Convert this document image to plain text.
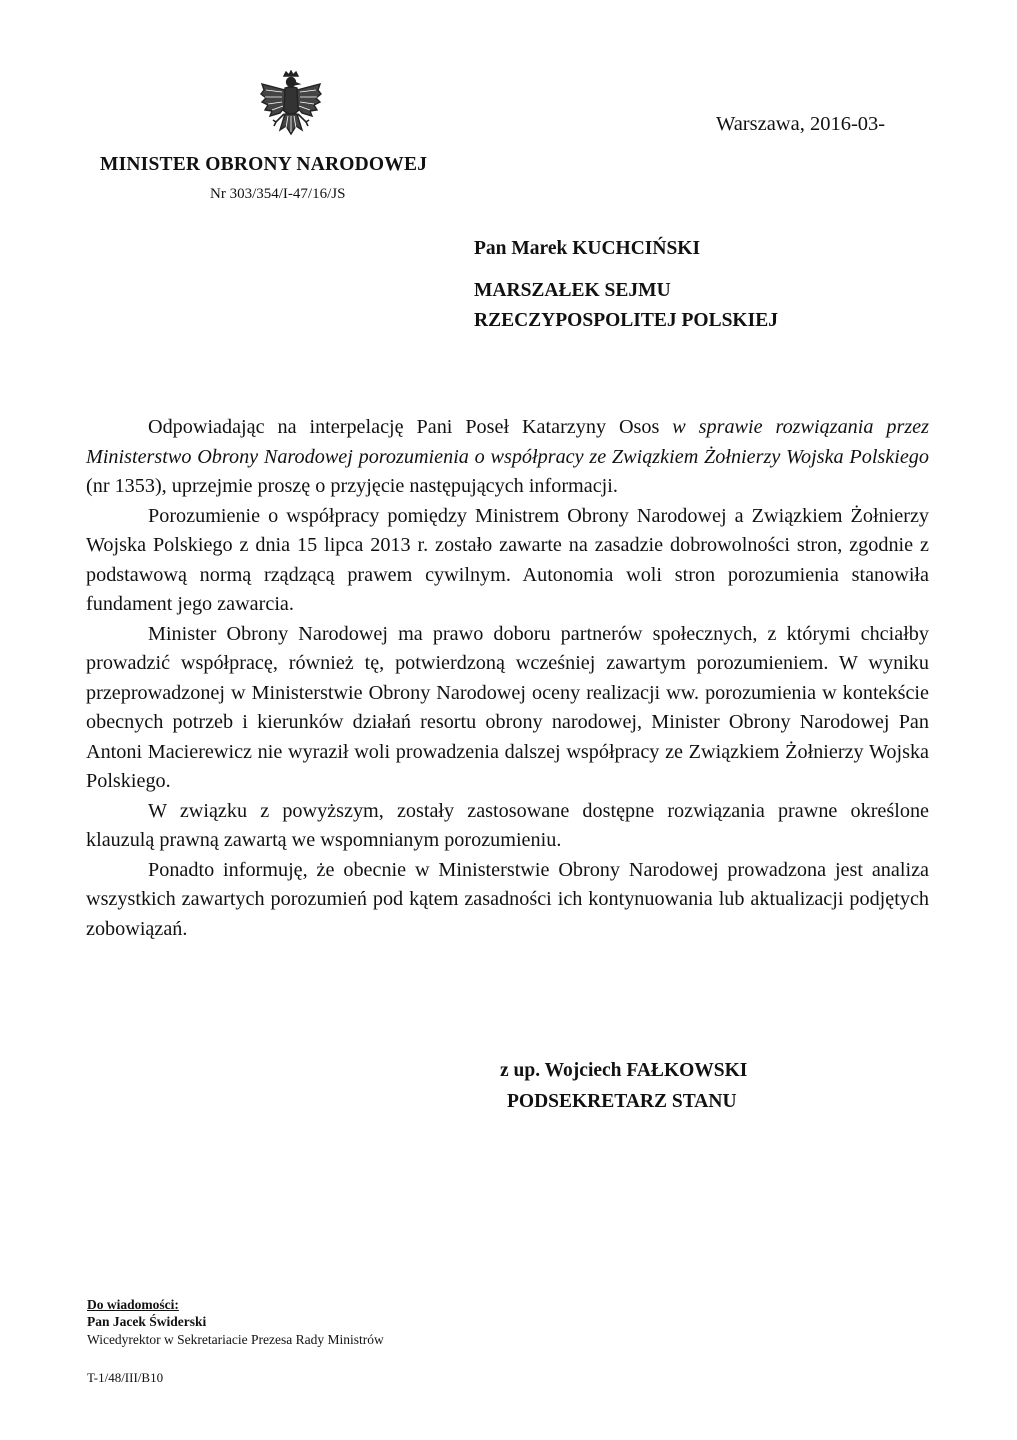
Warszawa, 2016-03-
MINISTER OBRONY NARODOWEJ
Nr 303/354/I-47/16/JS
Pan Marek KUCHCIŃSKI
MARSZAŁEK SEJMU
RZECZYPOSPOLITEJ POLSKIEJ

Odpowiadając na interpelację Pani Poseł Katarzyny Osos w sprawie rozwiązania przez Ministerstwo Obrony Narodowej porozumienia o współpracy ze Związkiem Żołnierzy Wojska Polskiego (nr 1353), uprzejmie proszę o przyjęcie następujących informacji.

Porozumienie o współpracy pomiędzy Ministrem Obrony Narodowej a Związkiem Żołnierzy Wojska Polskiego z dnia 15 lipca 2013 r. zostało zawarte na zasadzie dobrowolności stron, zgodnie z podstawową normą rządzącą prawem cywilnym. Autonomia woli stron porozumienia stanowiła fundament jego zawarcia.

Minister Obrony Narodowej ma prawo doboru partnerów społecznych, z którymi chciałby prowadzić współpracę, również tę, potwierdzoną wcześniej zawartym porozumieniem. W wyniku przeprowadzonej w Ministerstwie Obrony Narodowej oceny realizacji ww. porozumienia w kontekście obecnych potrzeb i kierunków działań resortu obrony narodowej, Minister Obrony Narodowej Pan Antoni Macierewicz nie wyraził woli prowadzenia dalszej współpracy ze Związkiem Żołnierzy Wojska Polskiego.

W związku z powyższym, zostały zastosowane dostępne rozwiązania prawne określone klauzulą prawną zawartą we wspomnianym porozumieniu.

Ponadto informuję, że obecnie w Ministerstwie Obrony Narodowej prowadzona jest analiza wszystkich zawartych porozumień pod kątem zasadności ich kontynuowania lub aktualizacji podjętych zobowiązań.

z up. Wojciech FAŁKOWSKI
PODSEKRETARZ STANU
Do wiadomości:
Pan Jacek Świderski
Wicedyrektor w Sekretariacie Prezesa Rady Ministrów
T-1/48/III/B10
